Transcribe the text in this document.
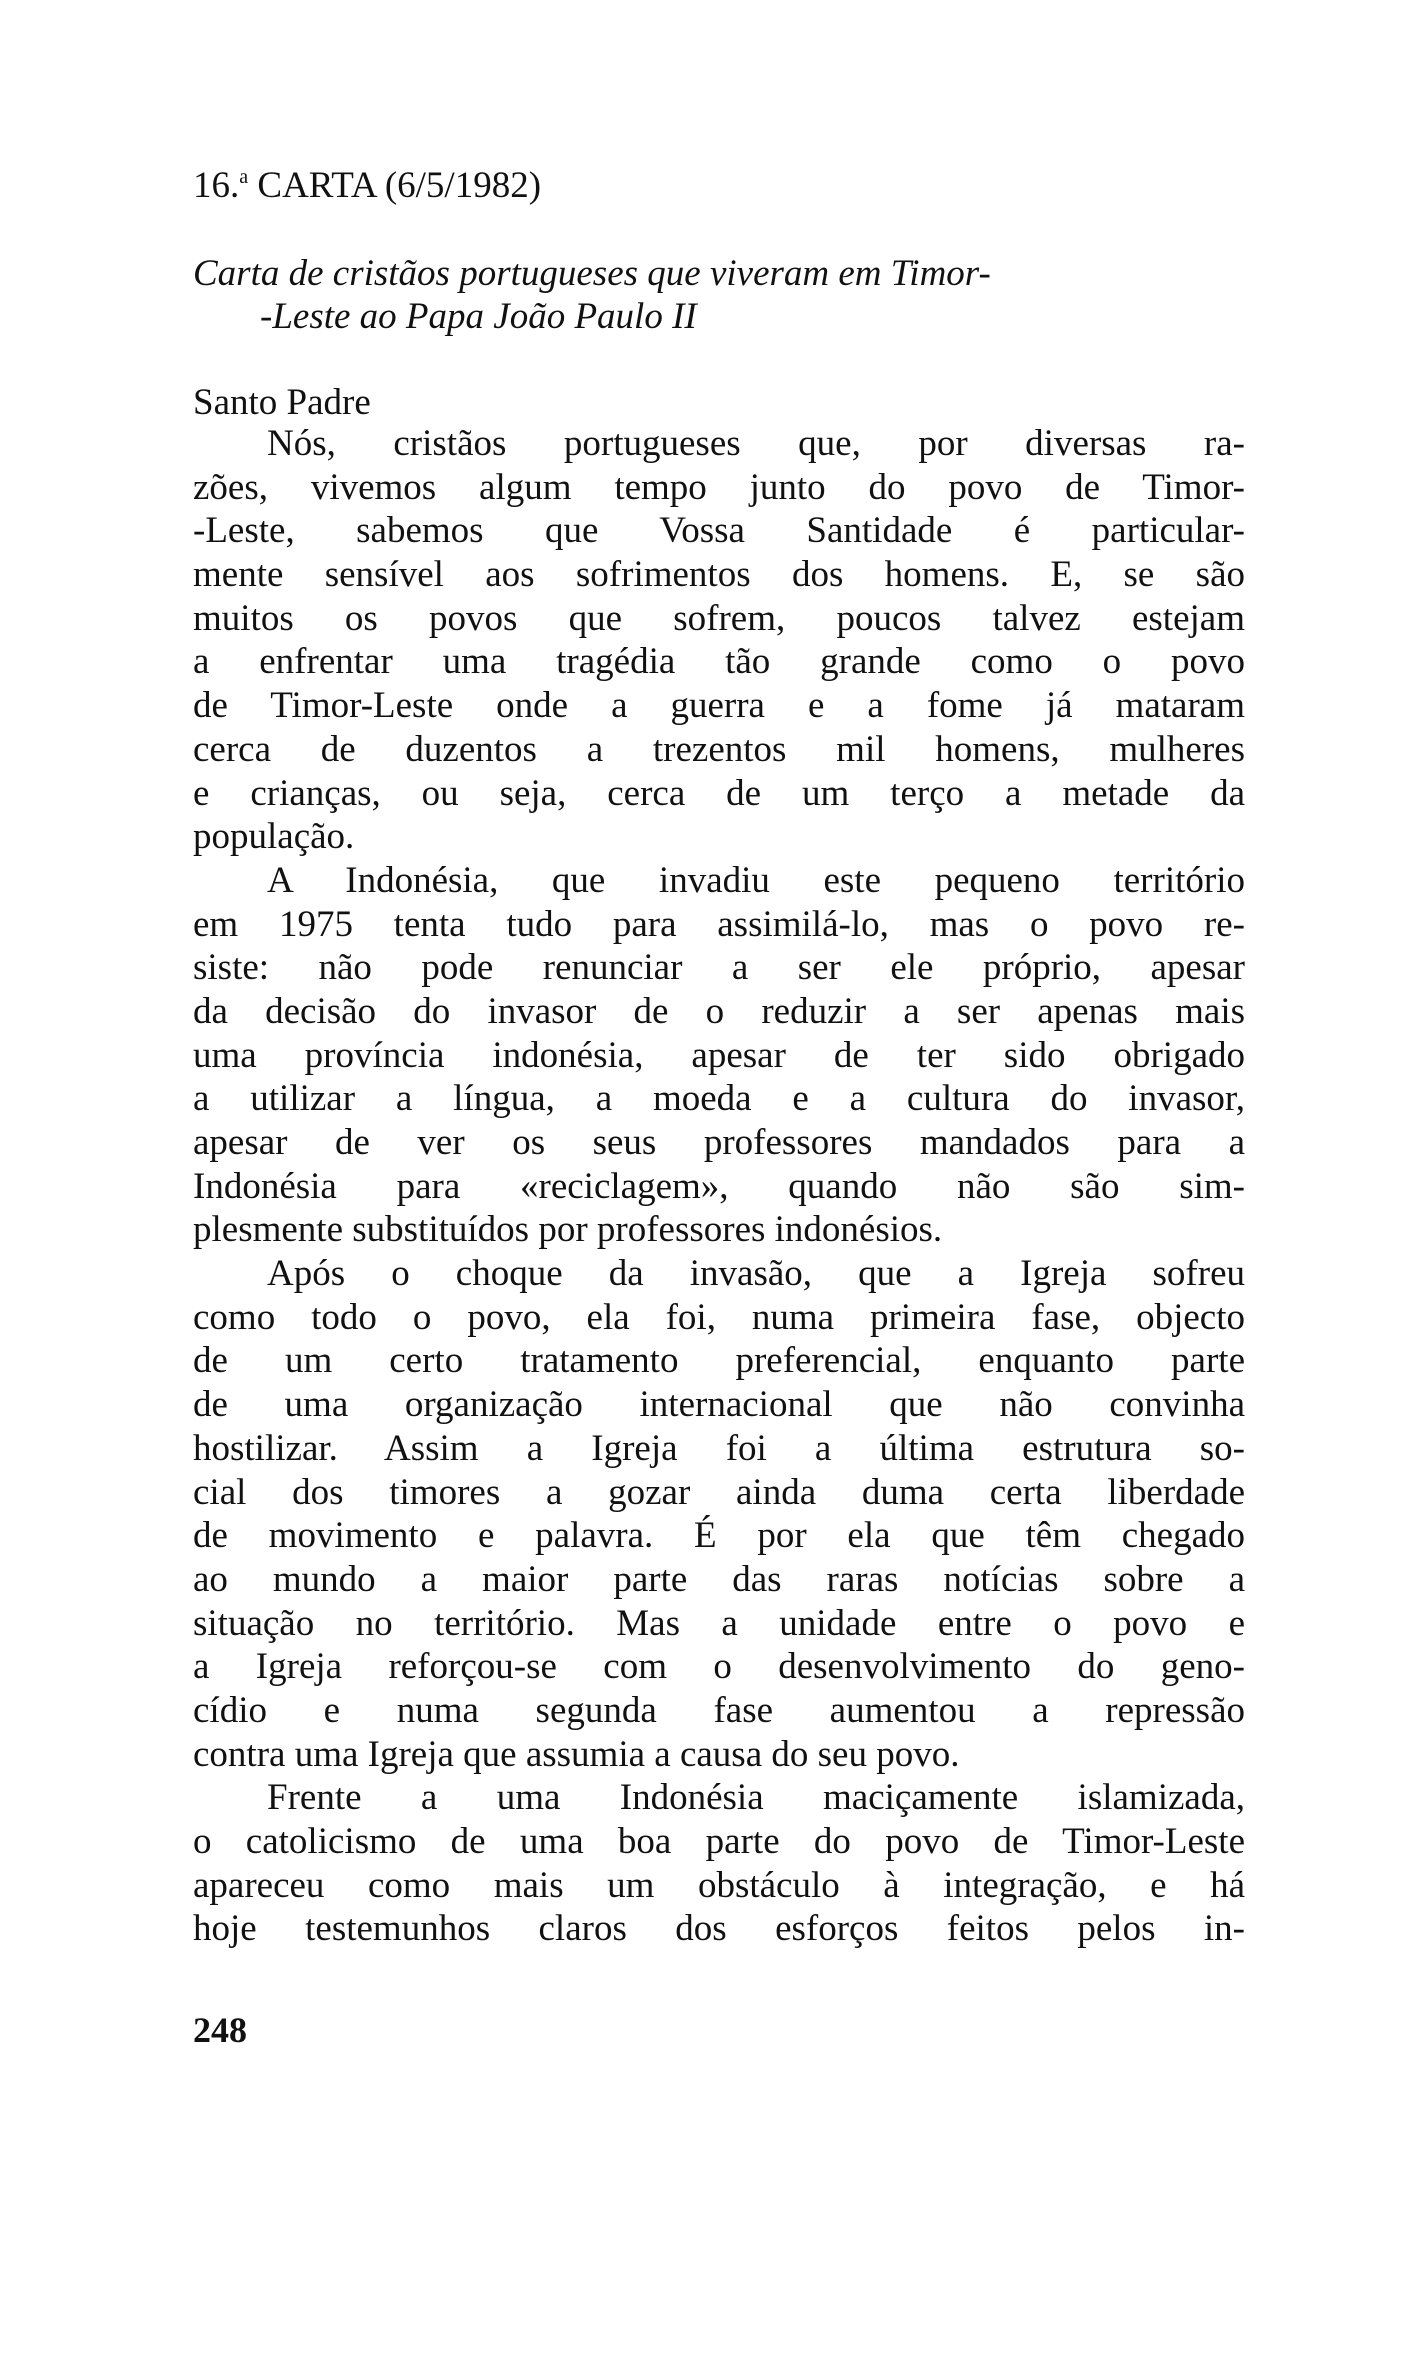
16.$^a$ CARTA (6/5/1982)
Carta de cristãos portugueses que viveram em Timor-
-Leste ao Papa João Paulo II
Santo Padre
Nós, cristãos portugueses que, por diversas ra-
zões, vivemos algum tempo junto do povo de Timor-
-Leste, sabemos que Vossa Santidade é particular-
mente sensível aos sofrimentos dos homens. E, se são
muitos os povos que sofrem, poucos talvez estejam
a enfrentar uma tragédia tão grande como o povo
de Timor-Leste onde a guerra e a fome já mataram
cerca de duzentos a trezentos mil homens, mulheres
e crianças, ou seja, cerca de um terço a metade da
população.
A Indonésia, que invadiu este pequeno território
em 1975 tenta tudo para assimilá-lo, mas o povo re-
siste: não pode renunciar a ser ele próprio, apesar
da decisão do invasor de o reduzir a ser apenas mais
uma província indonésia, apesar de ter sido obrigado
a utilizar a língua, a moeda e a cultura do invasor,
apesar de ver os seus professores mandados para a
Indonésia para «reciclagem», quando não são sim-
plesmente substituídos por professores indonésios.
Após o choque da invasão, que a Igreja sofreu
como todo o povo, ela foi, numa primeira fase, objecto
de um certo tratamento preferencial, enquanto parte
de uma organização internacional que não convinha
hostilizar. Assim a Igreja foi a última estrutura so-
cial dos timores a gozar ainda duma certa liberdade
de movimento e palavra. É por ela que têm chegado
ao mundo a maior parte das raras notícias sobre a
situação no território. Mas a unidade entre o povo e
a Igreja reforçou-se com o desenvolvimento do geno-
cídio e numa segunda fase aumentou a repressão
contra uma Igreja que assumia a causa do seu povo.
Frente a uma Indonésia maciçamente islamizada,
o catolicismo de uma boa parte do povo de Timor-Leste
apareceu como mais um obstáculo à integração, e há
hoje testemunhos claros dos esforços feitos pelos in-
248
